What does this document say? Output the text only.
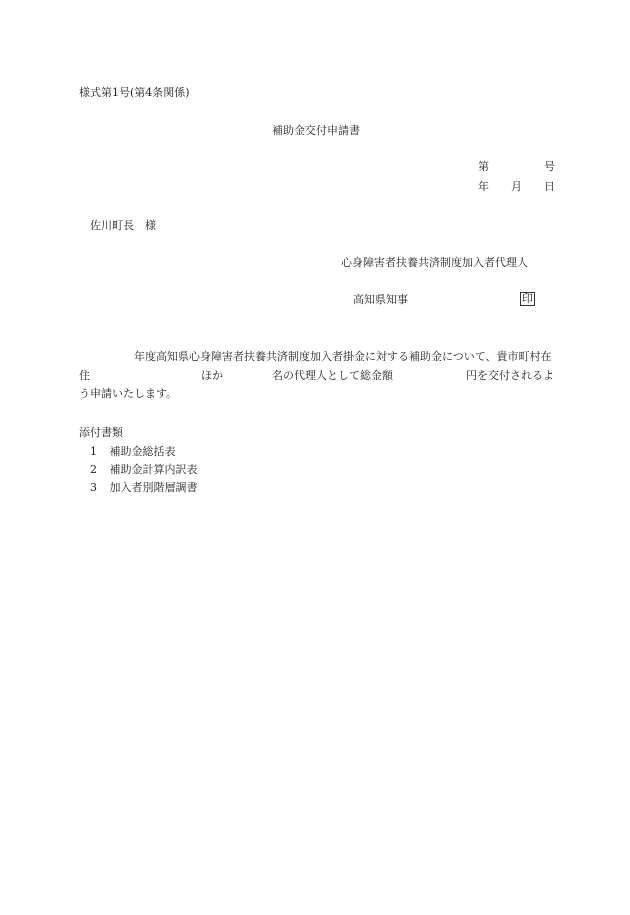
様式第1号(第4条関係)
補助金交付申請書
第	号
年 月 日
佐川町長　様
心身障害者扶養共済制度加入者代理人
高知県知事	印
年度高知県心身障害者扶養共済制度加入者掛金に対する補助金について、貴市町村在
住	ほか	名の代理人として総金額	円を交付されるよ
う申請いたします。
添付書類
1 補助金総括表
2 補助金計算内訳表
3 加入者別階層調書
